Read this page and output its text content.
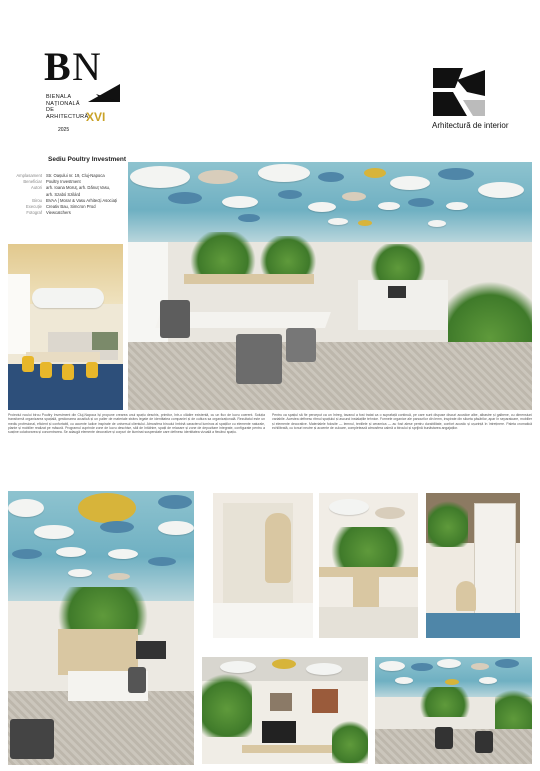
B N
BIENALA
NAȚIONALĂ
DE
ARHITECTURĂ
XVI
2025	Arhitectură de interior
Sediu Poultry Investment
Amplasament Str. Oașului nr. 19, Cluj-Napoca
Beneficiar Poultry Investment
Autori arh. Ioana Moruț, arh. Dănuț Vasu,
arh. Szabó Szilárd
Birou BVAA | Morar & Vasu Arhitecți Asociați
Execuție Creativ Bau, Simcron Prod
Fotograf Viewcatchers
Proiectul noului birou Poultry Investment din Cluj-Napoca își propune crearea unui spațiu deschis, primitor, într-o clădire existentă, cu un flux de lucru coerent. Soluția transformă organizarea spațială, gestionarea acustică și un palier de materiale strâns legate de identitatea companiei și de cultura sa organizațională. Rezultatul este un mediu profesional, eficient și confortabil, cu accente ludice inspirate de universul clientului. Atmosfera biroului îmbină caracterul luminos al spațiilor cu elemente naturale, plante și mobilier realizat pe măsură. Programul cuprinde zone de lucru deschise, săli de întâlnire, spații de relaxare și zone de depozitare integrate, configurate pentru a susține colaborarea și concentrarea. Se adaugă elemente decorative și corpuri de iluminat suspendate care definesc identitatea vizuală a fiecărui spațiu.
Pentru ca spațiul să fie perceput ca un întreg, tavanul a fost tratat ca o suprafață continuă, pe care sunt dispuse discuri acustice albe, albastre și galbene, cu dimensiuni variabile. Acestea definesc ritmul spațiului și ascund instalațiile tehnice. Formele organice ale panourilor din lemn, inspirate din silueta păsărilor, apar în separatoare, mobilier și elemente decorative. Materialele folosite — lemnul, textilele și ceramica — au fost alese pentru durabilitate, confort acustic și ușurință în întreținere. Paleta cromatică echilibrată, cu tonuri neutre și accente de culoare, completează atmosfera calmă a biroului și sprijină bunăstarea angajaților.
